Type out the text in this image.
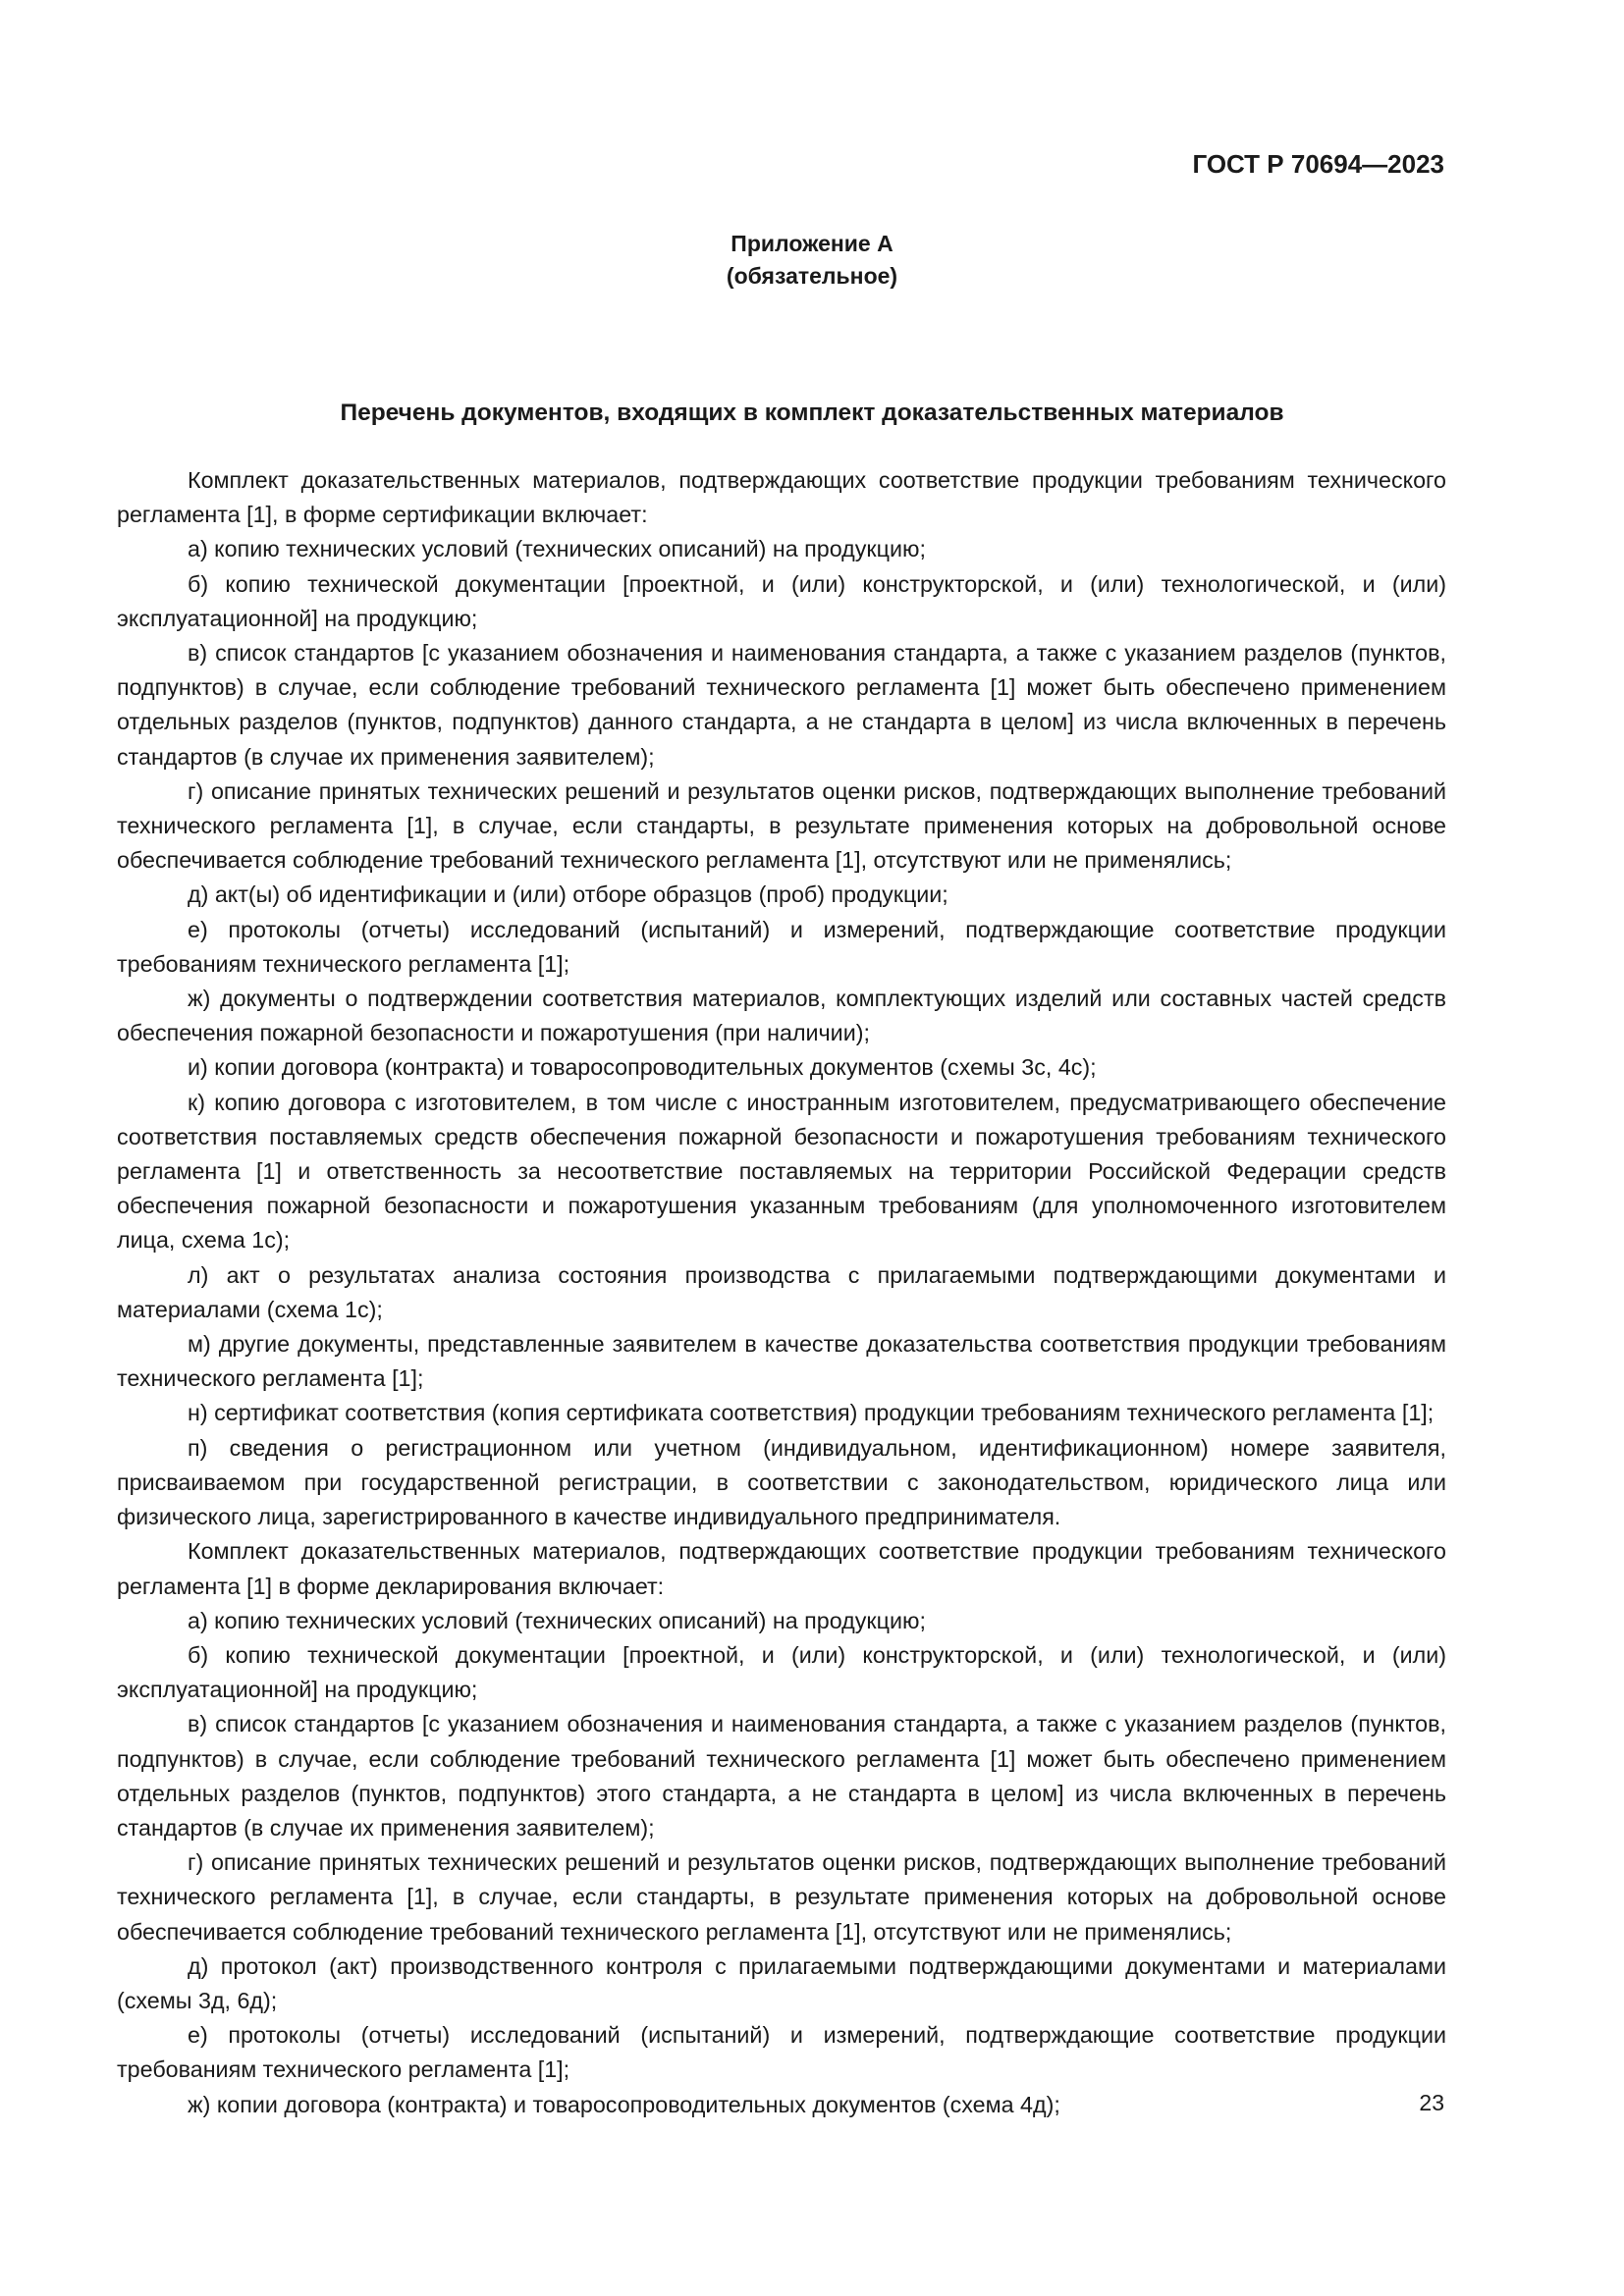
ГОСТ Р 70694—2023
Приложение А
(обязательное)
Перечень документов, входящих в комплект доказательственных материалов

Комплект доказательственных материалов, подтверждающих соответствие продукции требованиям технического регламента [1], в форме сертификации включает:

а) копию технических условий (технических описаний) на продукцию;

б) копию технической документации [проектной, и (или) конструкторской, и (или) технологической, и (или) эксплуатационной] на продукцию;

в) список стандартов [с указанием обозначения и наименования стандарта, а также с указанием разделов (пунктов, подпунктов) в случае, если соблюдение требований технического регламента [1] может быть обеспечено применением отдельных разделов (пунктов, подпунктов) данного стандарта, а не стандарта в целом] из числа включенных в перечень стандартов (в случае их применения заявителем);

г) описание принятых технических решений и результатов оценки рисков, подтверждающих выполнение требований технического регламента [1], в случае, если стандарты, в результате применения которых на добровольной основе обеспечивается соблюдение требований технического регламента [1], отсутствуют или не применялись;

д) акт(ы) об идентификации и (или) отборе образцов (проб) продукции;

е) протоколы (отчеты) исследований (испытаний) и измерений, подтверждающие соответствие продукции требованиям технического регламента [1];

ж) документы о подтверждении соответствия материалов, комплектующих изделий или составных частей средств обеспечения пожарной безопасности и пожаротушения (при наличии);

и) копии договора (контракта) и товаросопроводительных документов (схемы 3с, 4с);

к) копию договора с изготовителем, в том числе с иностранным изготовителем, предусматривающего обеспечение соответствия поставляемых средств обеспечения пожарной безопасности и пожаротушения требованиям технического регламента [1] и ответственность за несоответствие поставляемых на территории Российской Федерации средств обеспечения пожарной безопасности и пожаротушения указанным требованиям (для уполномоченного изготовителем лица, схема 1с);

л) акт о результатах анализа состояния производства с прилагаемыми подтверждающими документами и материалами (схема 1с);

м) другие документы, представленные заявителем в качестве доказательства соответствия продукции требованиям технического регламента [1];

н) сертификат соответствия (копия сертификата соответствия) продукции требованиям технического регламента [1];

п) сведения о регистрационном или учетном (индивидуальном, идентификационном) номере заявителя, присваиваемом при государственной регистрации, в соответствии с законодательством, юридического лица или физического лица, зарегистрированного в качестве индивидуального предпринимателя.

Комплект доказательственных материалов, подтверждающих соответствие продукции требованиям технического регламента [1] в форме декларирования включает:

а) копию технических условий (технических описаний) на продукцию;

б) копию технической документации [проектной, и (или) конструкторской, и (или) технологической, и (или) эксплуатационной] на продукцию;

в) список стандартов [с указанием обозначения и наименования стандарта, а также с указанием разделов (пунктов, подпунктов) в случае, если соблюдение требований технического регламента [1] может быть обеспечено применением отдельных разделов (пунктов, подпунктов) этого стандарта, а не стандарта в целом] из числа включенных в перечень стандартов (в случае их применения заявителем);

г) описание принятых технических решений и результатов оценки рисков, подтверждающих выполнение требований технического регламента [1], в случае, если стандарты, в результате применения которых на добровольной основе обеспечивается соблюдение требований технического регламента [1], отсутствуют или не применялись;

д) протокол (акт) производственного контроля с прилагаемыми подтверждающими документами и материалами (схемы 3д, 6д);

е) протоколы (отчеты) исследований (испытаний) и измерений, подтверждающие соответствие продукции требованиям технического регламента [1];

ж) копии договора (контракта) и товаросопроводительных документов (схема 4д);	23
